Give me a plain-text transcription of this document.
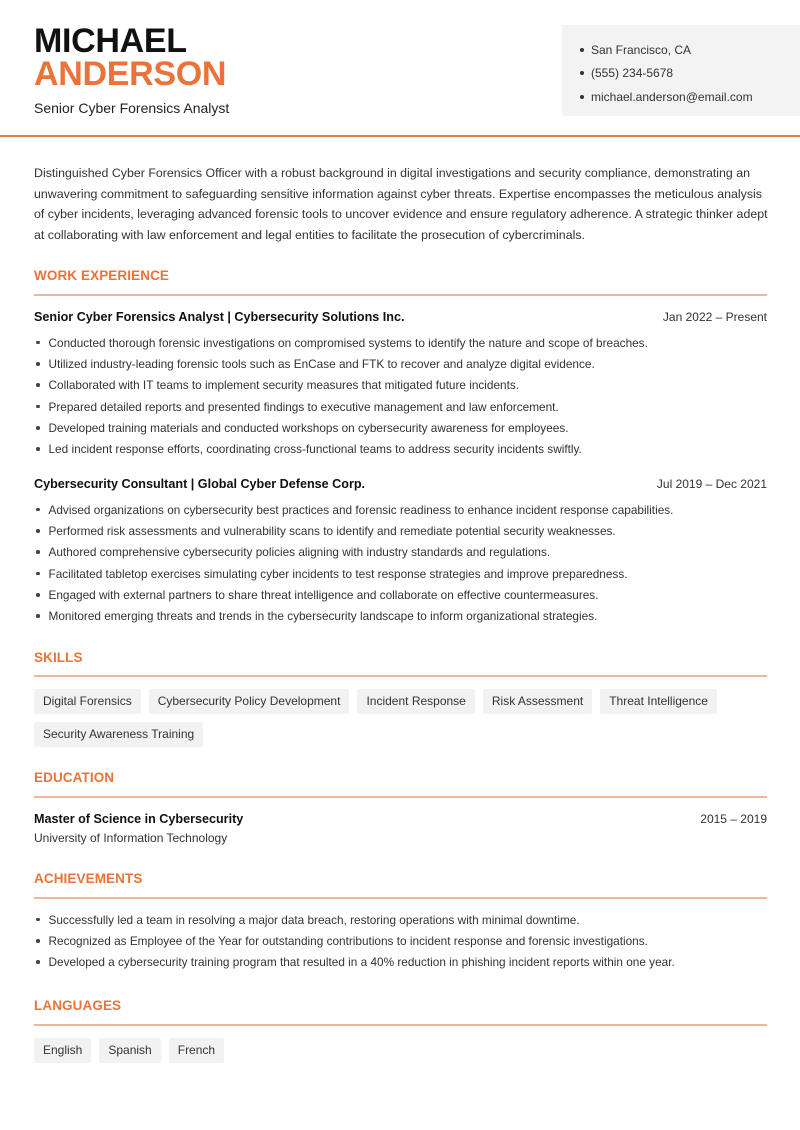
MICHAEL
ANDERSON
Senior Cyber Forensics Analyst
San Francisco, CA
(555) 234-5678
michael.anderson@email.com

Distinguished Cyber Forensics Officer with a robust background in digital investigations and security compliance, demonstrating an unwavering commitment to safeguarding sensitive information against cyber threats. Expertise encompasses the meticulous analysis of cyber incidents, leveraging advanced forensic tools to uncover evidence and ensure regulatory adherence. A strategic thinker adept at collaborating with law enforcement and legal entities to facilitate the prosecution of cybercriminals.

WORK EXPERIENCE
Senior Cyber Forensics Analyst | Cybersecurity Solutions Inc.	Jan 2022 – Present
Conducted thorough forensic investigations on compromised systems to identify the nature and scope of breaches.
Utilized industry-leading forensic tools such as EnCase and FTK to recover and analyze digital evidence.
Collaborated with IT teams to implement security measures that mitigated future incidents.
Prepared detailed reports and presented findings to executive management and law enforcement.
Developed training materials and conducted workshops on cybersecurity awareness for employees.
Led incident response efforts, coordinating cross-functional teams to address security incidents swiftly.
Cybersecurity Consultant | Global Cyber Defense Corp.	Jul 2019 – Dec 2021
Advised organizations on cybersecurity best practices and forensic readiness to enhance incident response capabilities.
Performed risk assessments and vulnerability scans to identify and remediate potential security weaknesses.
Authored comprehensive cybersecurity policies aligning with industry standards and regulations.
Facilitated tabletop exercises simulating cyber incidents to test response strategies and improve preparedness.
Engaged with external partners to share threat intelligence and collaborate on effective countermeasures.
Monitored emerging threats and trends in the cybersecurity landscape to inform organizational strategies.
SKILLS
Digital Forensics	Cybersecurity Policy Development	Incident Response	Risk Assessment	Threat Intelligence
Security Awareness Training
EDUCATION
Master of Science in Cybersecurity	2015 – 2019
University of Information Technology
ACHIEVEMENTS
Successfully led a team in resolving a major data breach, restoring operations with minimal downtime.
Recognized as Employee of the Year for outstanding contributions to incident response and forensic investigations.
Developed a cybersecurity training program that resulted in a 40% reduction in phishing incident reports within one year.
LANGUAGES
English	Spanish	French
